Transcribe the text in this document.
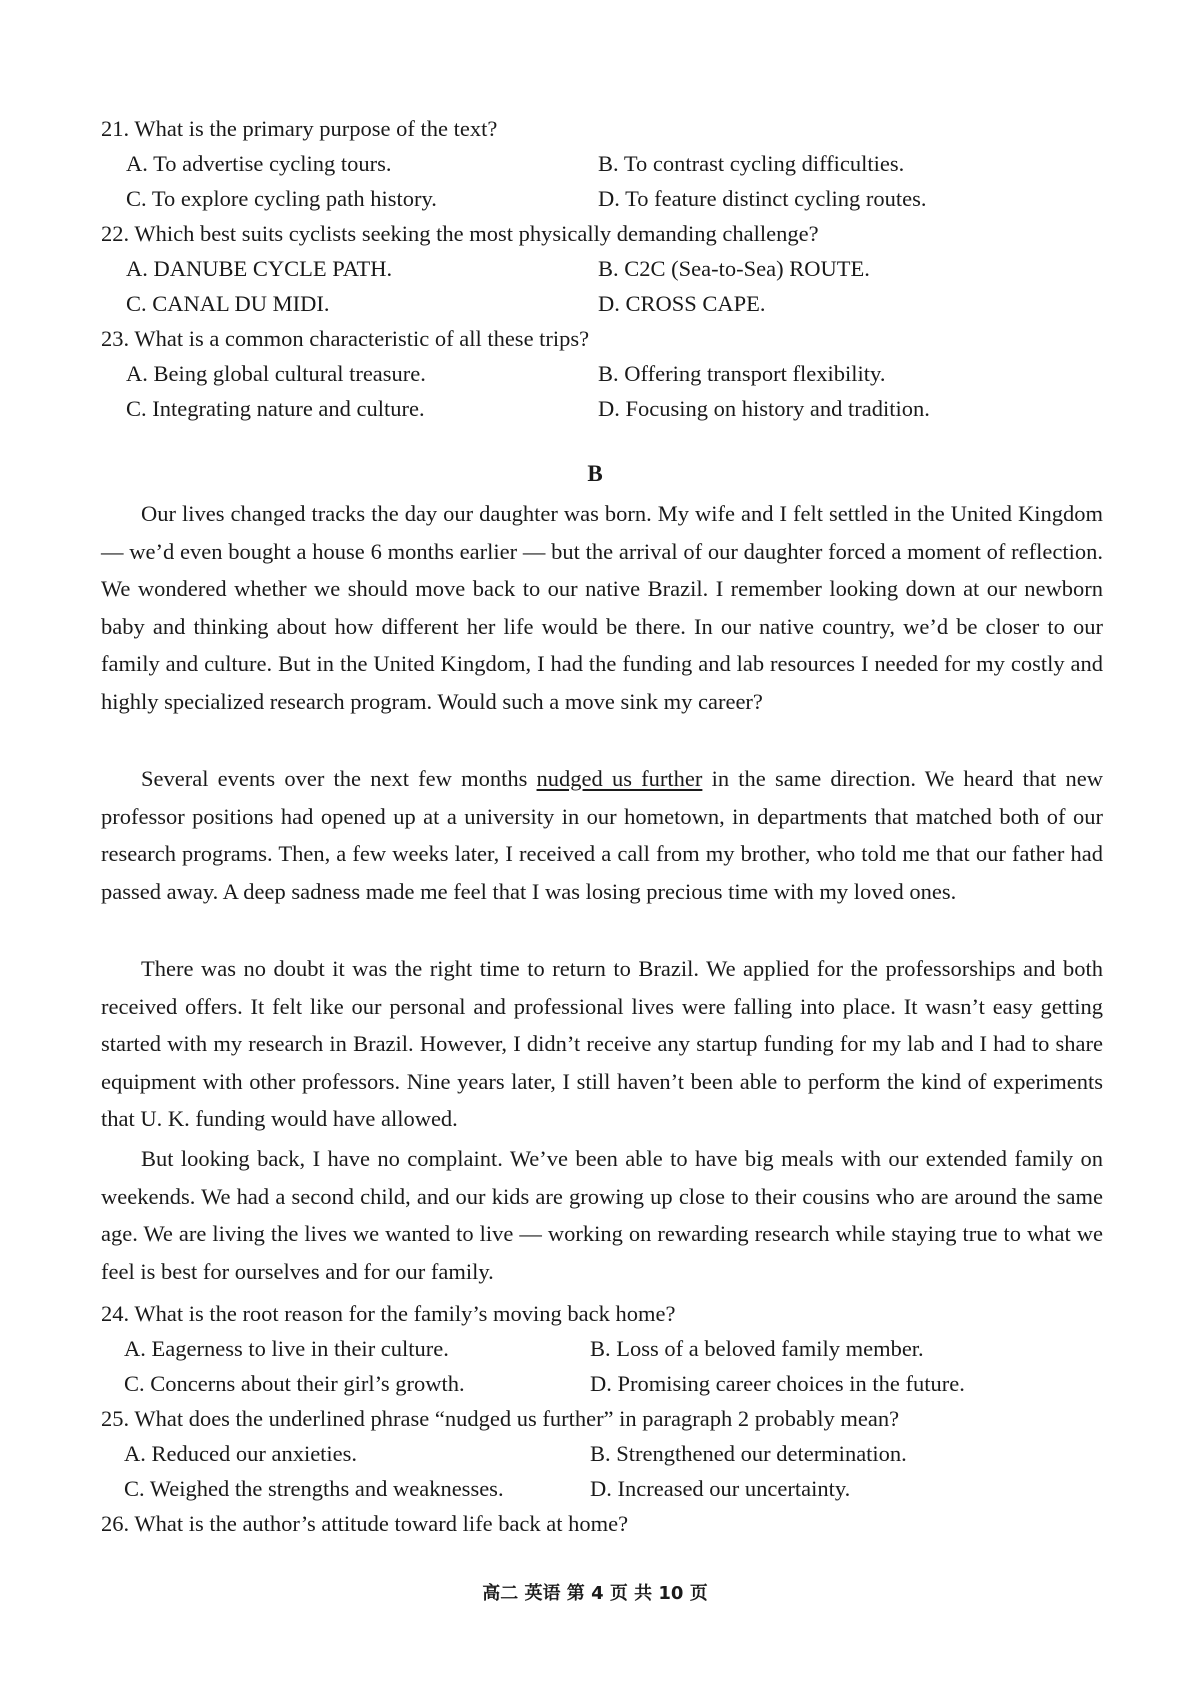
21. What is the primary purpose of the text?
A. To advertise cycling tours.	B. To contrast cycling difficulties.
C. To explore cycling path history.	D. To feature distinct cycling routes.
22. Which best suits cyclists seeking the most physically demanding challenge?
A. DANUBE CYCLE PATH.	B. C2C (Sea-to-Sea) ROUTE.
C. CANAL DU MIDI.	D. CROSS CAPE.
23. What is a common characteristic of all these trips?
A. Being global cultural treasure.	B. Offering transport flexibility.
C. Integrating nature and culture.	D. Focusing on history and tradition.
B
Our lives changed tracks the day our daughter was born. My wife and I felt settled in the United Kingdom — we’d even bought a house 6 months earlier — but the arrival of our daughter forced a moment of reflection. We wondered whether we should move back to our native Brazil. I remember looking down at our newborn baby and thinking about how different her life would be there. In our native country, we’d be closer to our family and culture. But in the United Kingdom, I had the funding and lab resources I needed for my costly and highly specialized research program. Would such a move sink my career?
Several events over the next few months nudged us further in the same direction. We heard that new professor positions had opened up at a university in our hometown, in departments that matched both of our research programs. Then, a few weeks later, I received a call from my brother, who told me that our father had passed away. A deep sadness made me feel that I was losing precious time with my loved ones.
There was no doubt it was the right time to return to Brazil. We applied for the professorships and both received offers. It felt like our personal and professional lives were falling into place. It wasn’t easy getting started with my research in Brazil. However, I didn’t receive any startup funding for my lab and I had to share equipment with other professors. Nine years later, I still haven’t been able to perform the kind of experiments that U. K. funding would have allowed.
But looking back, I have no complaint. We’ve been able to have big meals with our extended family on weekends. We had a second child, and our kids are growing up close to their cousins who are around the same age. We are living the lives we wanted to live — working on rewarding research while staying true to what we feel is best for ourselves and for our family.
24. What is the root reason for the family’s moving back home?
A. Eagerness to live in their culture.	B. Loss of a beloved family member.
C. Concerns about their girl’s growth.	D. Promising career choices in the future.
25. What does the underlined phrase “nudged us further” in paragraph 2 probably mean?
A. Reduced our anxieties.	B. Strengthened our determination.
C. Weighed the strengths and weaknesses.	D. Increased our uncertainty.
26. What is the author’s attitude toward life back at home?
高二 英语 第 4 页 共 10 页
